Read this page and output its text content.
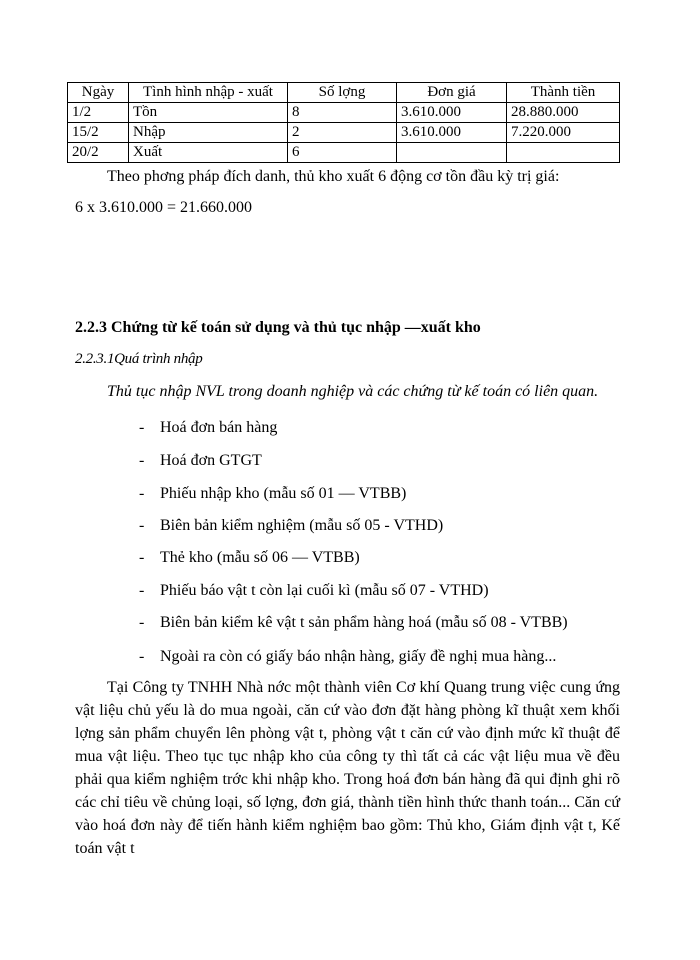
Ngày	Tình hình nhập - xuất	Số lợng	Đơn giá	Thành tiền
1/2	Tồn	8	3.610.000	28.880.000
15/2	Nhập	2	3.610.000	7.220.000
20/2	Xuất	6		
Theo phơng pháp đích danh, thủ kho xuất 6 động cơ tồn đầu kỳ trị giá:
6 x 3.610.000 = 21.660.000
2.2.3 Chứng từ kế toán sử dụng và thủ tục nhập —xuất kho
2.2.3.1Quá trình nhập
Thủ tục nhập NVL trong doanh nghiệp và các chứng từ kế toán có liên quan.
- Hoá đơn bán hàng
- Hoá đơn GTGT
- Phiếu nhập kho (mẫu số 01 — VTBB)
- Biên bản kiểm nghiệm (mẫu số 05 - VTHD)
- Thẻ kho (mẫu số 06 — VTBB)
- Phiếu báo vật t còn lại cuối kì (mẫu số 07 - VTHD)
- Biên bản kiểm kê vật t sản phẩm hàng hoá (mẫu số 08 - VTBB)
- Ngoài ra còn có giấy báo nhận hàng, giấy đề nghị mua hàng...
Tại Công ty TNHH Nhà nớc một thành viên Cơ khí Quang trung việc cung ứng vật liệu chủ yếu là do mua ngoài, căn cứ vào đơn đặt hàng phòng kĩ thuật xem khối lợng sản phẩm chuyển lên phòng vật t, phòng vật t căn cứ vào định mức kĩ thuật để mua vật liệu. Theo tục tục nhập kho của công ty thì tất cả các vật liệu mua về đều phải qua kiểm nghiệm trớc khi nhập kho. Trong hoá đơn bán hàng đã qui định ghi rõ các chỉ tiêu về chủng loại, số lợng, đơn giá, thành tiền hình thức thanh toán... Căn cứ vào hoá đơn này để tiến hành kiểm nghiệm bao gồm: Thủ kho, Giám định vật t, Kế toán vật t
